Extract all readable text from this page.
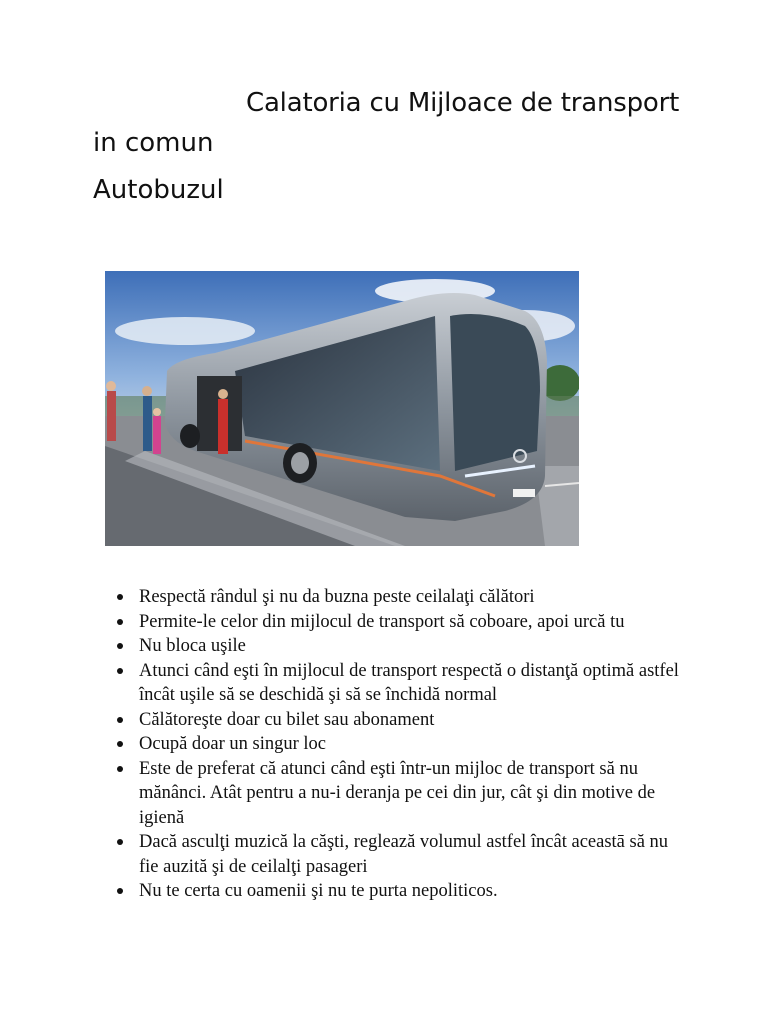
Calatoria cu Mijloace de transport
in comun
Autobuzul
Respectă rândul şi nu da buzna peste ceilalaţi călători
Permite-le celor din mijlocul de transport să coboare, apoi urcă tu
Nu bloca uşile
Atunci când eşti în mijlocul de transport respectă o distanţă optimă astfel încât uşile să se deschidă şi să se închidă normal
Călătoreşte doar cu bilet sau abonament
Ocupă doar un singur loc
Este de preferat că atunci când eşti într-un mijloc de transport să nu mănânci. Atât pentru a nu-i deranja pe cei din jur, cât şi din motive de igienă
Dacă asculţi muzică la căşti, reglează volumul astfel încât aceastā să nu fie auzită şi de ceilalţi pasageri
Nu te certa cu oamenii şi nu te purta nepoliticos.
